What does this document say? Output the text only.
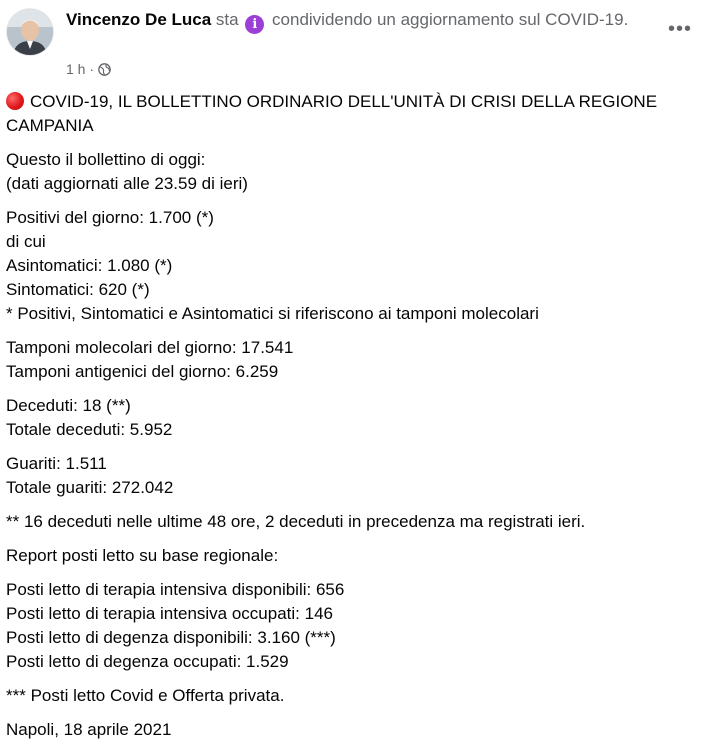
Vincenzo De Luca sta i condividendo un aggiornamento sul COVID-19.
1 h ·
•••
COVID-19, IL BOLLETTINO ORDINARIO DELL'UNITÀ DI CRISI DELLA REGIONE CAMPANIA
Questo il bollettino di oggi:
(dati aggiornati alle 23.59 di ieri)
Positivi del giorno: 1.700 (*)
di cui
Asintomatici: 1.080 (*)
Sintomatici: 620 (*)
* Positivi, Sintomatici e Asintomatici si riferiscono ai tamponi molecolari
Tamponi molecolari del giorno: 17.541
Tamponi antigenici del giorno: 6.259
Deceduti: 18 (**)
Totale deceduti: 5.952
Guariti: 1.511
Totale guariti: 272.042
** 16 deceduti nelle ultime 48 ore, 2 deceduti in precedenza ma registrati ieri.
Report posti letto su base regionale:
Posti letto di terapia intensiva disponibili: 656
Posti letto di terapia intensiva occupati: 146
Posti letto di degenza disponibili: 3.160 (***)
Posti letto di degenza occupati: 1.529
*** Posti letto Covid e Offerta privata.
Napoli, 18 aprile 2021
